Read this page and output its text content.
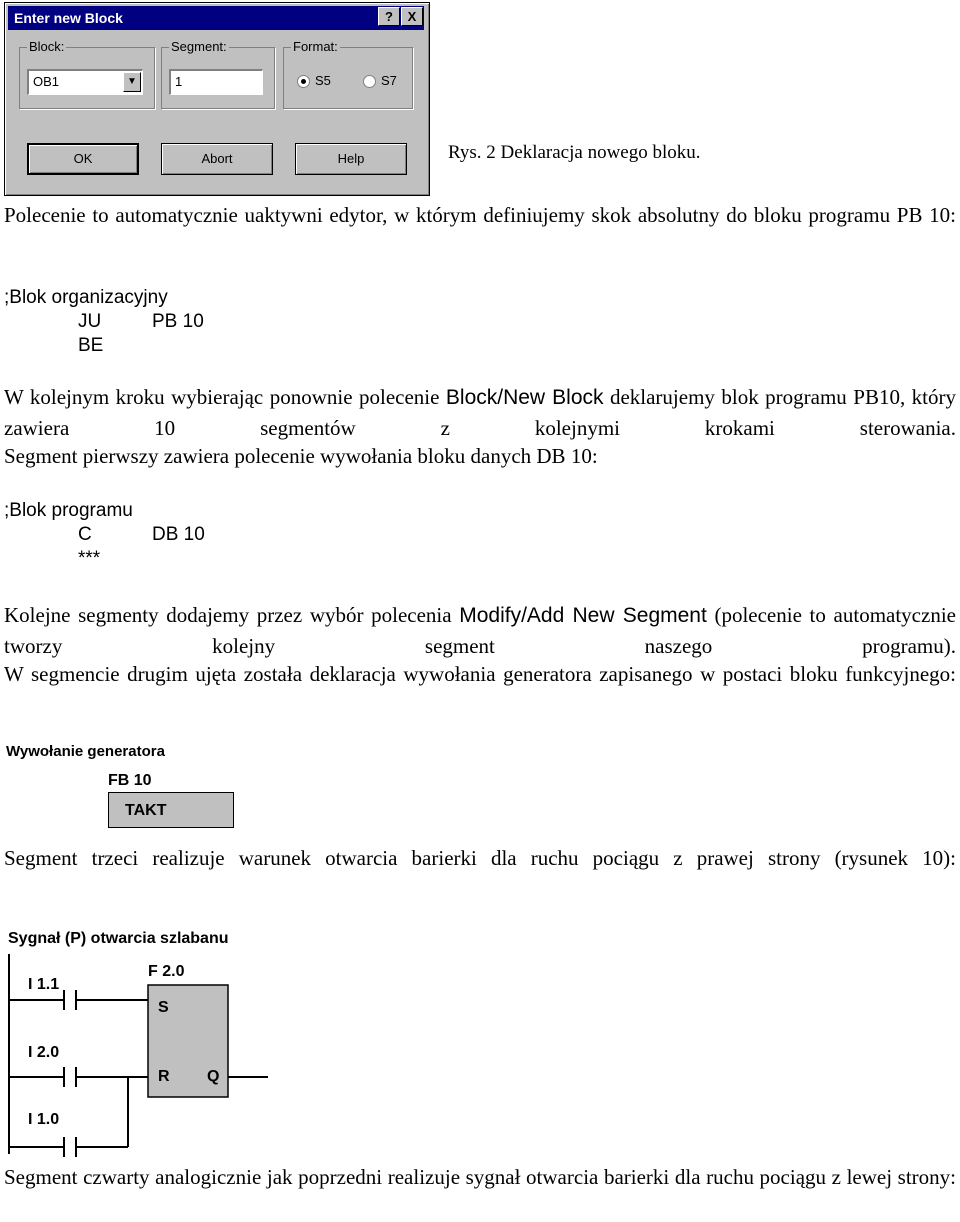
Enter new Block	?	X
Block:
OB1	▼
Segment:
1
Format:
S5	S7
OK	Abort	Help	Rys. 2 Deklaracja nowego bloku.
Polecenie to automatycznie uaktywni edytor, w którym definiujemy skok absolutny do bloku programu PB 10:
;Blok organizacyjny
JU	PB 10
BE
W kolejnym kroku wybierając ponownie polecenie Block/New Block deklarujemy blok programu PB10, który zawiera 10 segmentów z kolejnymi krokami sterowania.
Segment pierwszy zawiera polecenie wywołania bloku danych DB 10:
;Blok programu
C	DB 10
***
Kolejne segmenty dodajemy przez wybór polecenia Modify/Add New Segment (polecenie to automatycznie tworzy kolejny segment naszego programu).
W segmencie drugim ujęta została deklaracja wywołania generatora zapisanego w postaci bloku funkcyjnego:
Wywołanie generatora
FB 10
TAKT
Segment trzeci realizuje warunek otwarcia barierki dla ruchu pociągu z prawej strony (rysunek 10):
Sygnał (P) otwarcia szlabanu
F 2.0
I 1.1
I 2.0
I 1.0
S
R Q
Segment czwarty analogicznie jak poprzedni realizuje sygnał otwarcia barierki dla ruchu pociągu z lewej strony:
